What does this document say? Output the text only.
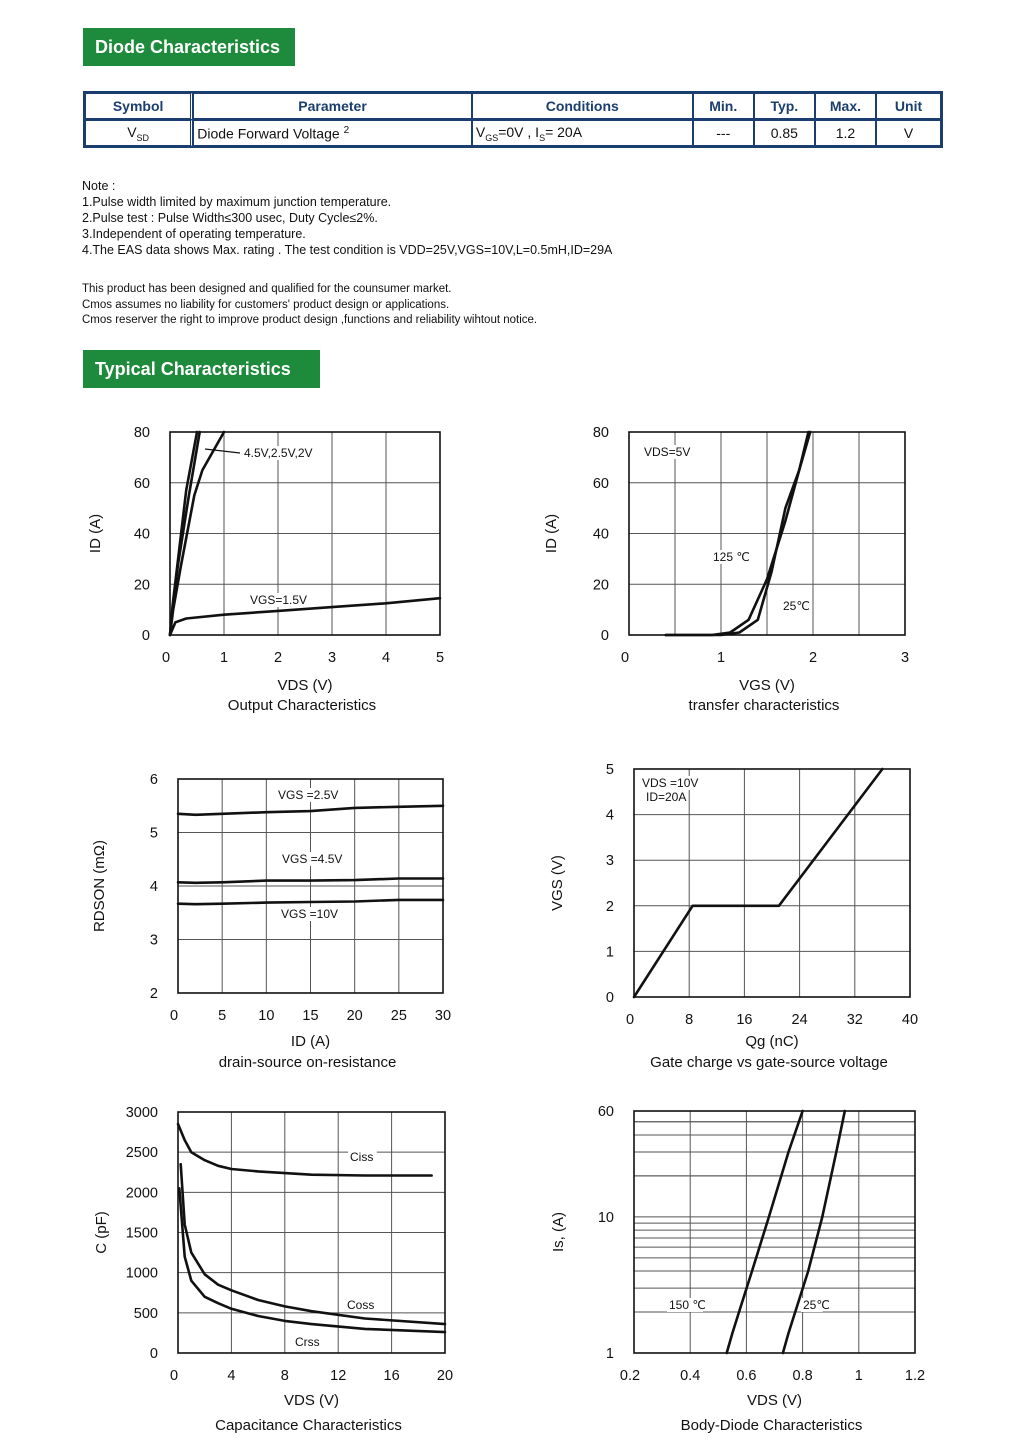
Diode Characteristics
Symbol	Parameter	Conditions	Min.	Typ.	Max.	Unit
$V_{SD}$	Diode Forward Voltage $^2$	$V_{GS}=0V$ , $I_S= 20A$	---	0.85	1.2	V
Note :
1.Pulse width limited by maximum junction temperature.
2.Pulse test : Pulse Width≤300 usec, Duty Cycle≤2%.
3.Independent of operating temperature.
4.The EAS data shows Max. rating . The test condition is VDD=25V,VGS=10V,L=0.5mH,ID=29A
This product has been designed and qualified for the counsumer market.
Cmos assumes no liability for customers' product design or applications.
Cmos reserver the right to improve product design ,functions and reliability wihtout notice.
Typical Characteristics
0	1	2	3	4	5
0
20
40
60
80
VDS (V)
ID (A)
Output Characteristics
4.5V,2.5V,2V
VGS=1.5V
0	1	2	3
0
20
40
60
80
VGS (V)
ID (A)
transfer characteristics
VDS=5V
125 ℃
25℃
0	5 10 15 20 25 30
2
3
4
5
6
ID (A)
RDSON (mΩ)
drain-source on-resistance
VGS =2.5V
VGS =4.5V
VGS =10V
0	8	16	24	32	40
0
1
2
3
4
5
Qg (nC)
VGS (V)
Gate charge vs gate-source voltage
VDS =10V
ID=20A
0	4	8	12	16	20
0
500
1000
1500
2000
2500
3000
VDS (V)
C (pF)
Capacitance Characteristics
Ciss
Coss
Crss
0.2	0.4 0.6 0.8	1	1.2
1
10
60
VDS (V)
Is, (A)
Body-Diode Characteristics
150 ℃	25℃
